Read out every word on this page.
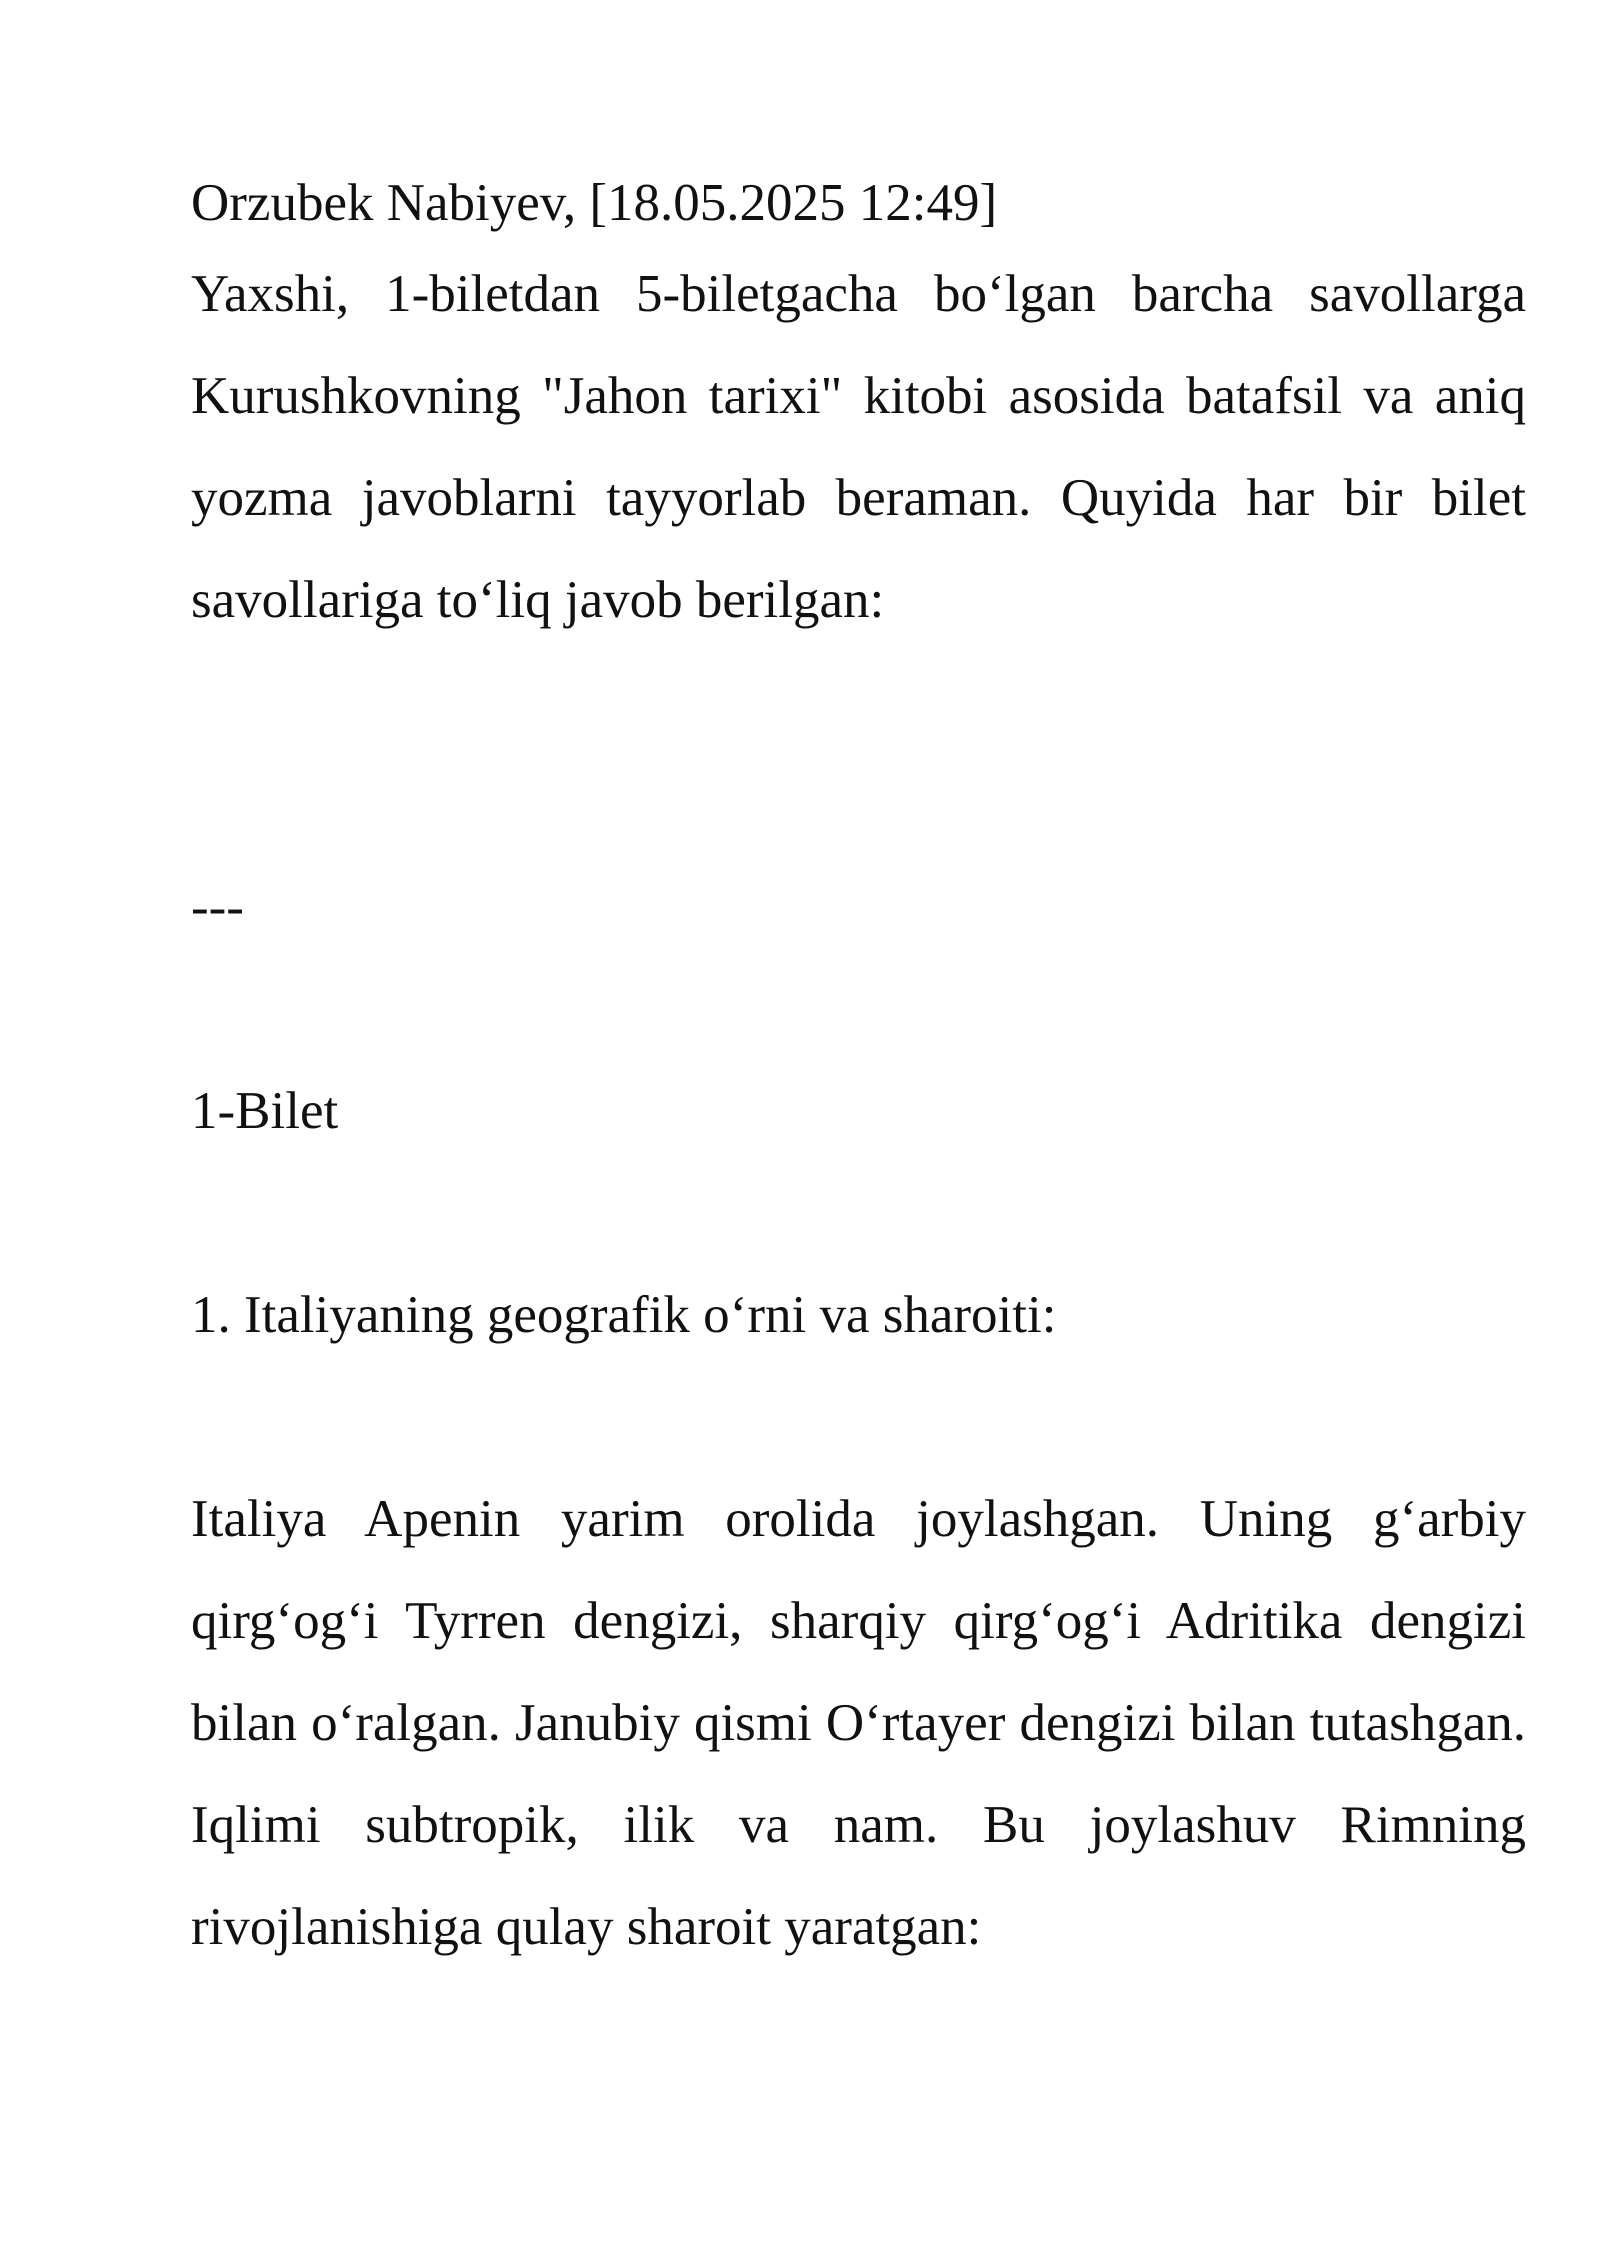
Orzubek Nabiyev, [18.05.2025 12:49]

Yaxshi, 1-biletdan 5-biletgacha bo‘lgan barcha savollarga Kurushkovning "Jahon tarixi" kitobi asosida batafsil va aniq yozma javoblarni tayyorlab beraman. Quyida har bir bilet savollariga to‘liq javob berilgan:

---

1-Bilet

1. Italiyaning geografik o‘rni va sharoiti:

Italiya Apenin yarim orolida joylashgan. Uning g‘arbiy qirg‘og‘i Tyrren dengizi, sharqiy qirg‘og‘i Adritika dengizi bilan o‘ralgan. Janubiy qismi O‘rtayer dengizi bilan tutashgan. Iqlimi subtropik, ilik va nam. Bu joylashuv Rimning rivojlanishiga qulay sharoit yaratgan:
